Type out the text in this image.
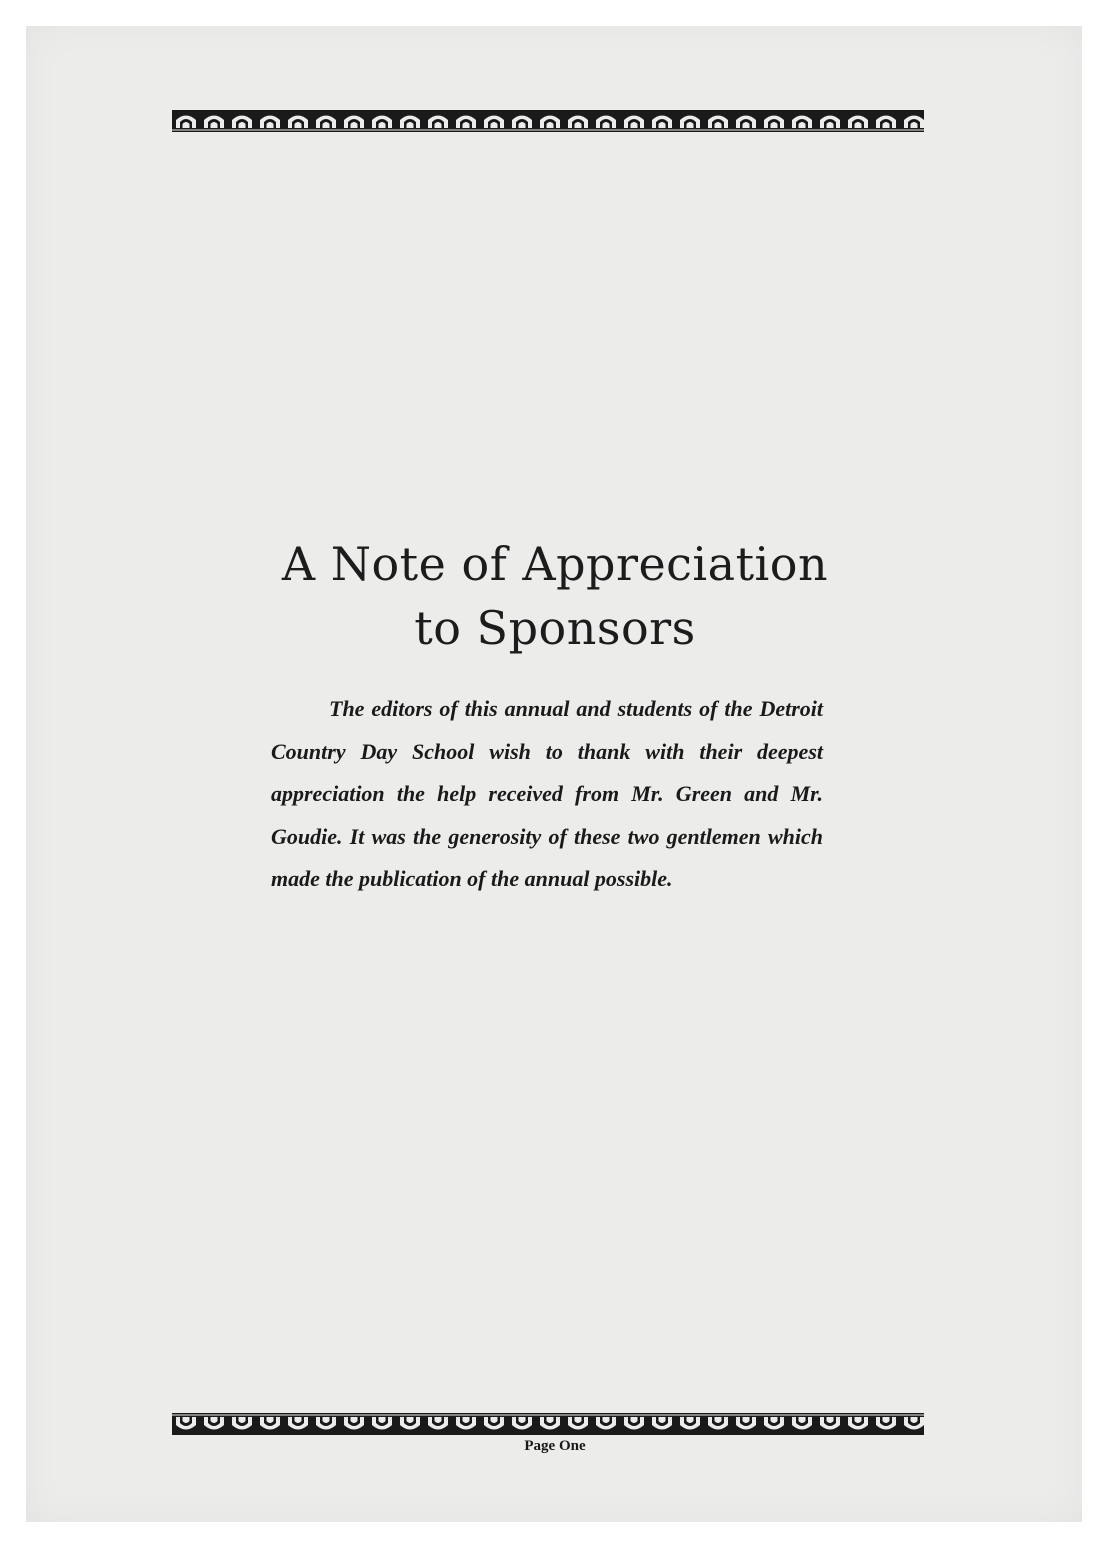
A Note of Appreciation
to Sponsors

The editors of this annual and students of the Detroit Country Day School wish to thank with their deepest appreciation the help received from Mr. Green and Mr. Goudie. It was the generosity of these two gentlemen which made the publication of the annual possible.

Page One
